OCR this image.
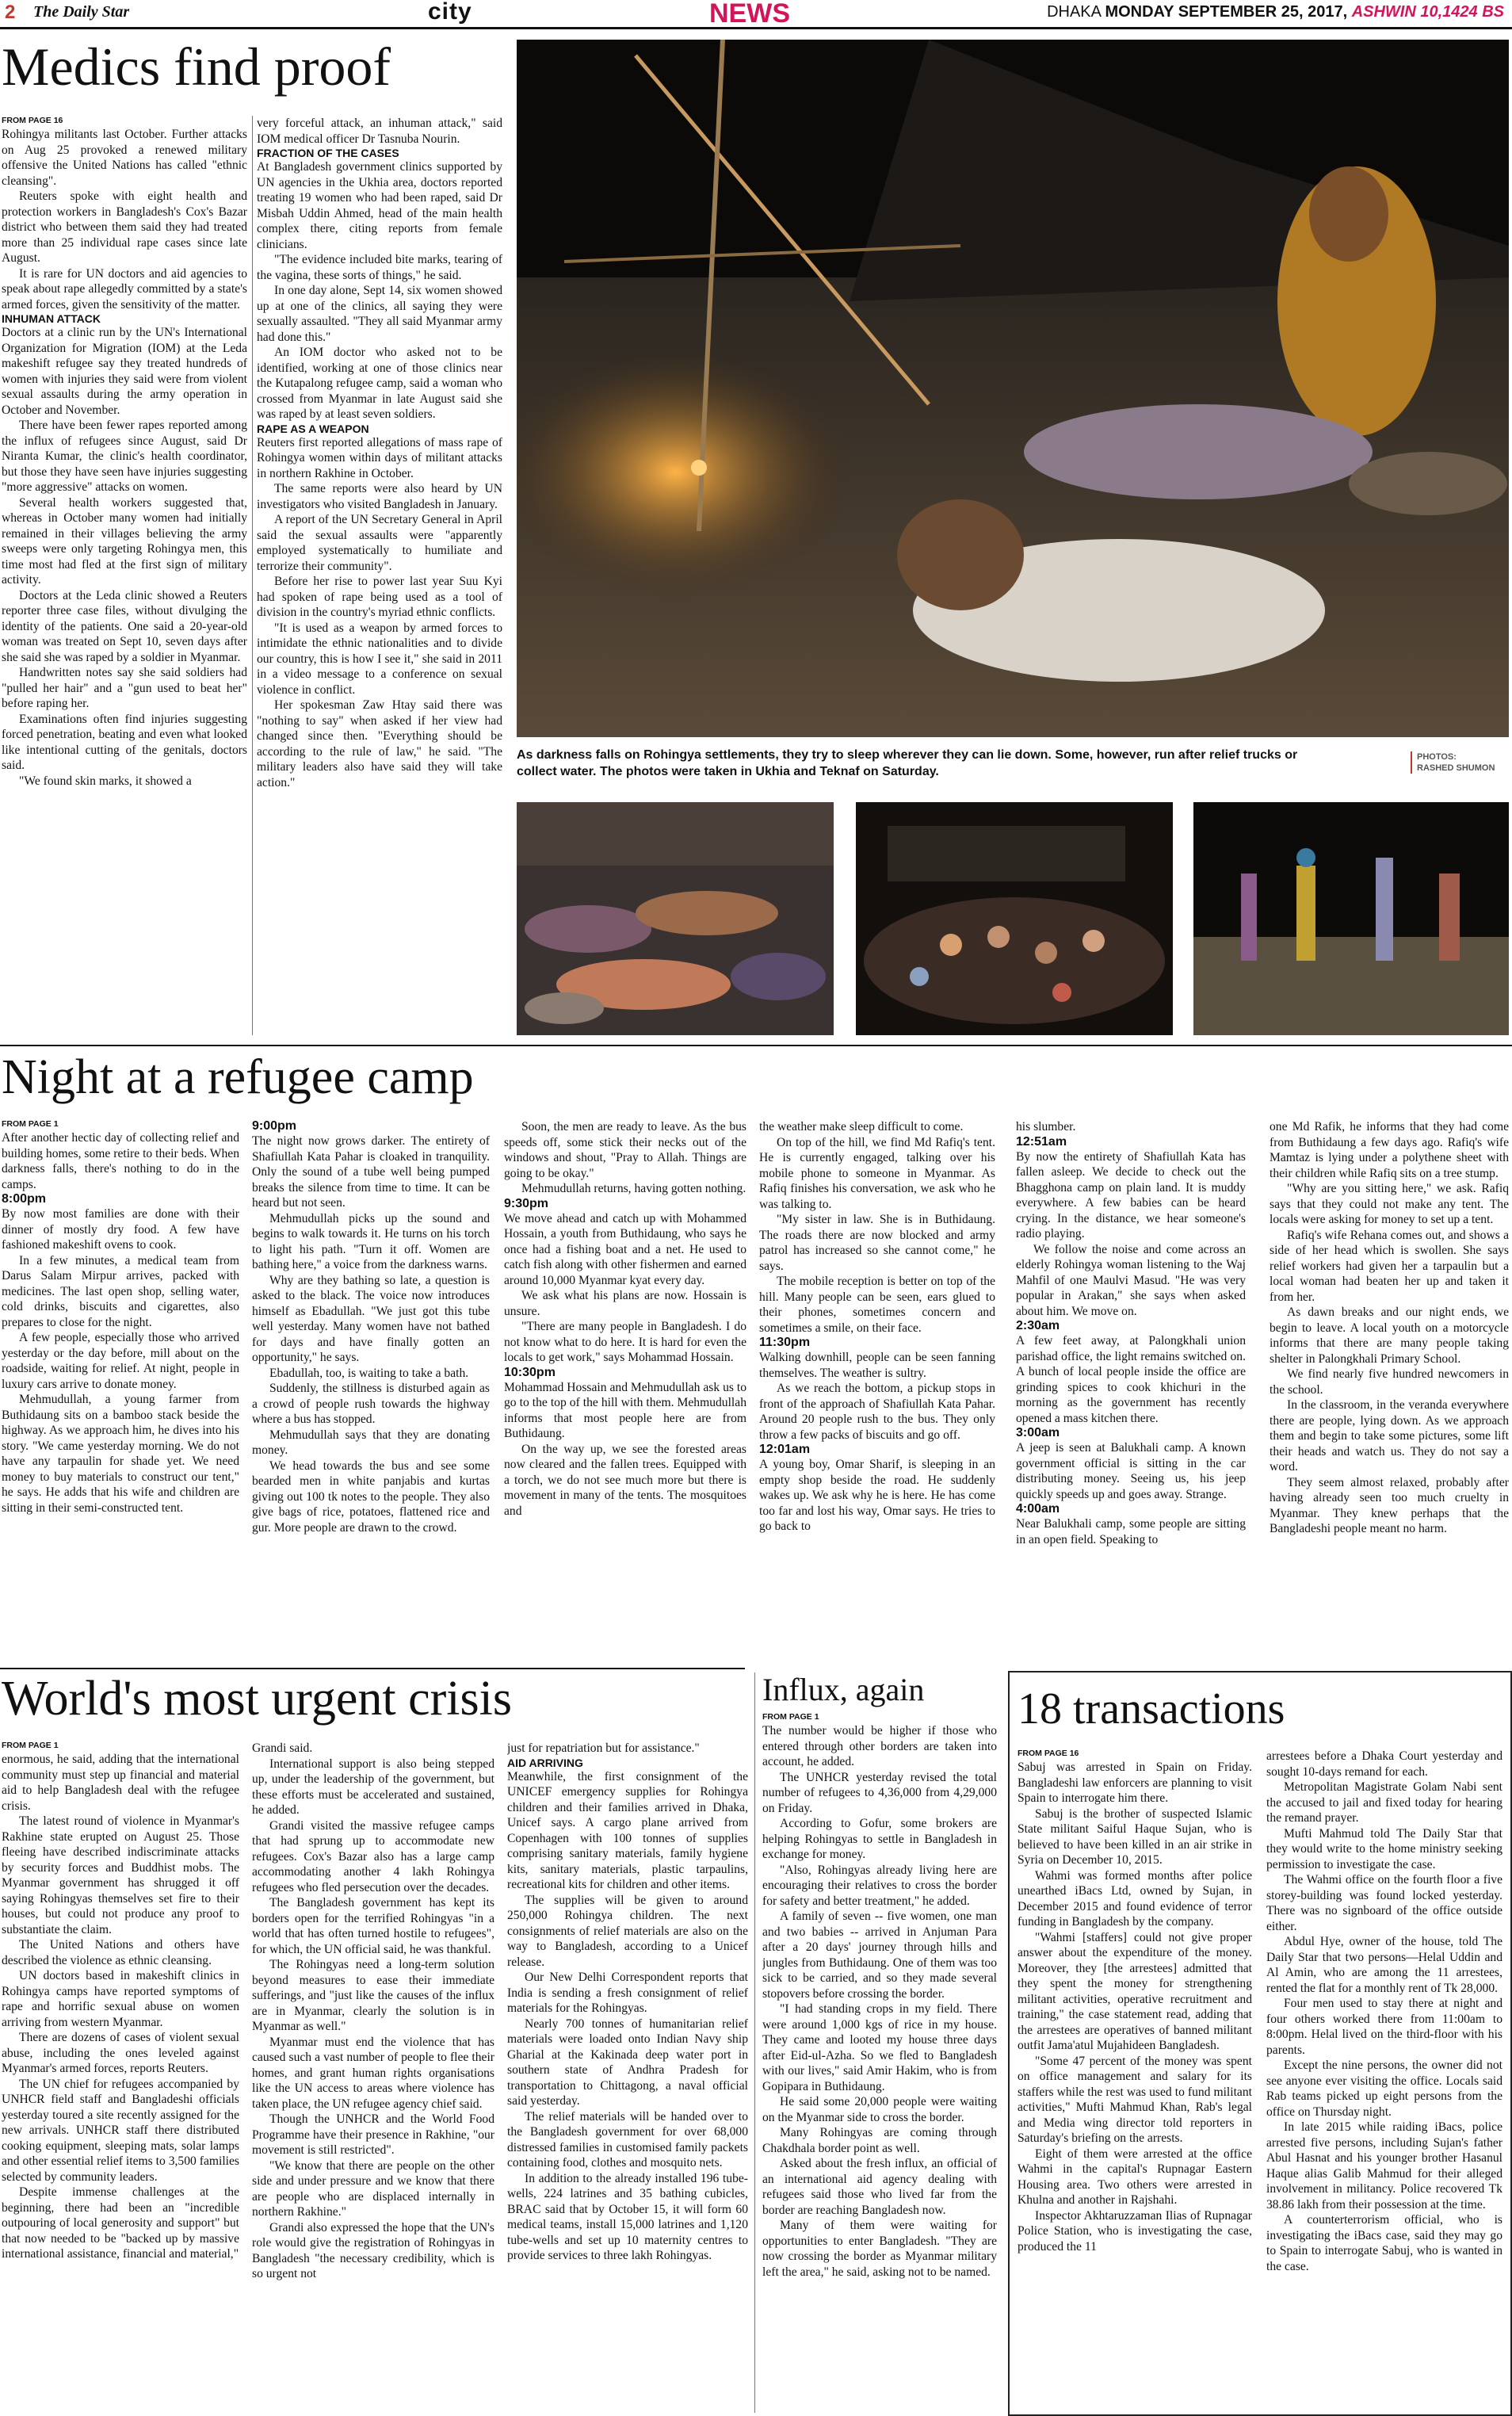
2 The Daily Star	city	NEWS	DHAKA MONDAY SEPTEMBER 25, 2017, ASHWIN 10,1424 BS
Medics find proof

FROM PAGE 16

Rohingya militants last October. Further attacks on Aug 25 provoked a renewed military offensive the United Nations has called "ethnic cleansing".

Reuters spoke with eight health and protection workers in Bangladesh's Cox's Bazar district who between them said they had treated more than 25 individual rape cases since late August.

It is rare for UN doctors and aid agencies to speak about rape allegedly committed by a state's armed forces, given the sensitivity of the matter.

INHUMAN ATTACK

Doctors at a clinic run by the UN's International Organization for Migration (IOM) at the Leda makeshift refugee say they treated hundreds of women with injuries they said were from violent sexual assaults during the army operation in October and November.

There have been fewer rapes reported among the influx of refugees since August, said Dr Niranta Kumar, the clinic's health coordinator, but those they have seen have injuries suggesting "more aggressive" attacks on women.

Several health workers suggested that, whereas in October many women had initially remained in their villages believing the army sweeps were only targeting Rohingya men, this time most had fled at the first sign of military activity.

Doctors at the Leda clinic showed a Reuters reporter three case files, without divulging the identity of the patients. One said a 20-year-old woman was treated on Sept 10, seven days after she said she was raped by a soldier in Myanmar.

Handwritten notes say she said soldiers had "pulled her hair" and a "gun used to beat her" before raping her.

Examinations often find injuries suggesting forced penetration, beating and even what looked like intentional cutting of the genitals, doctors said.

"We found skin marks, it showed a

very forceful attack, an inhuman attack," said IOM medical officer Dr Tasnuba Nourin.

FRACTION OF THE CASES

At Bangladesh government clinics supported by UN agencies in the Ukhia area, doctors reported treating 19 women who had been raped, said Dr Misbah Uddin Ahmed, head of the main health complex there, citing reports from female clinicians.

"The evidence included bite marks, tearing of the vagina, these sorts of things," he said.

In one day alone, Sept 14, six women showed up at one of the clinics, all saying they were sexually assaulted. "They all said Myanmar army had done this."

An IOM doctor who asked not to be identified, working at one of those clinics near the Kutapalong refugee camp, said a woman who crossed from Myanmar in late August said she was raped by at least seven soldiers.

RAPE AS A WEAPON

Reuters first reported allegations of mass rape of Rohingya women within days of militant attacks in northern Rakhine in October.

The same reports were also heard by UN investigators who visited Bangladesh in January.

A report of the UN Secretary General in April said the sexual assaults were "apparently employed systematically to humiliate and terrorize their community".

Before her rise to power last year Suu Kyi had spoken of rape being used as a tool of division in the country's myriad ethnic conflicts.

"It is used as a weapon by armed forces to intimidate the ethnic nationalities and to divide our country, this is how I see it," she said in 2011 in a video message to a conference on sexual violence in conflict.

Her spokesman Zaw Htay said there was "nothing to say" when asked if her view had changed since then. "Everything should be according to the rule of law," he said. "The military leaders also have said they will take action."

As darkness falls on Rohingya settlements, they try to sleep wherever they can lie down. Some, however, run after relief trucks or collect water. The photos were taken in Ukhia and Teknaf on Saturday.
PHOTOS:
RASHED SHUMON
Night at a refugee camp

FROM PAGE 1

After another hectic day of collecting relief and building homes, some retire to their beds. When darkness falls, there's nothing to do in the camps.

8:00pm

By now most families are done with their dinner of mostly dry food. A few have fashioned makeshift ovens to cook.

In a few minutes, a medical team from Darus Salam Mirpur arrives, packed with medicines. The last open shop, selling water, cold drinks, biscuits and cigarettes, also prepares to close for the night.

A few people, especially those who arrived yesterday or the day before, mill about on the roadside, waiting for relief. At night, people in luxury cars arrive to donate money.

Mehmudullah, a young farmer from Buthidaung sits on a bamboo stack beside the highway. As we approach him, he dives into his story. "We came yesterday morning. We do not have any tarpaulin for shade yet. We need money to buy materials to construct our tent," he says. He adds that his wife and children are sitting in their semi-constructed tent.

9:00pm

The night now grows darker. The entirety of Shafiullah Kata Pahar is cloaked in tranquility. Only the sound of a tube well being pumped breaks the silence from time to time. It can be heard but not seen.

Mehmudullah picks up the sound and begins to walk towards it. He turns on his torch to light his path. "Turn it off. Women are bathing here," a voice from the darkness warns.

Why are they bathing so late, a question is asked to the black. The voice now introduces himself as Ebadullah. "We just got this tube well yesterday. Many women have not bathed for days and have finally gotten an opportunity," he says.

Ebadullah, too, is waiting to take a bath.

Suddenly, the stillness is disturbed again as a crowd of people rush towards the highway where a bus has stopped.

Mehmudullah says that they are donating money.

We head towards the bus and see some bearded men in white panjabis and kurtas giving out 100 tk notes to the people. They also give bags of rice, potatoes, flattened rice and gur. More people are drawn to the crowd.

Soon, the men are ready to leave. As the bus speeds off, some stick their necks out of the windows and shout, "Pray to Allah. Things are going to be okay."

Mehmudullah returns, having gotten nothing.

9:30pm

We move ahead and catch up with Mohammed Hossain, a youth from Buthidaung, who says he once had a fishing boat and a net. He used to catch fish along with other fishermen and earned around 10,000 Myanmar kyat every day.

We ask what his plans are now. Hossain is unsure.

"There are many people in Bangladesh. I do not know what to do here. It is hard for even the locals to get work," says Mohammad Hossain.

10:30pm

Mohammad Hossain and Mehmudullah ask us to go to the top of the hill with them. Mehmudullah informs that most people here are from Buthidaung.

On the way up, we see the forested areas now cleared and the fallen trees. Equipped with a torch, we do not see much more but there is movement in many of the tents. The mosquitoes and

the weather make sleep difficult to come.

On top of the hill, we find Md Rafiq's tent. He is currently engaged, talking over his mobile phone to someone in Myanmar. As Rafiq finishes his conversation, we ask who he was talking to.

"My sister in law. She is in Buthidaung. The roads there are now blocked and army patrol has increased so she cannot come," he says.

The mobile reception is better on top of the hill. Many people can be seen, ears glued to their phones, sometimes concern and sometimes a smile, on their face.

11:30pm

Walking downhill, people can be seen fanning themselves. The weather is sultry.

As we reach the bottom, a pickup stops in front of the approach of Shafiullah Kata Pahar. Around 20 people rush to the bus. They only throw a few packs of biscuits and go off.

12:01am

A young boy, Omar Sharif, is sleeping in an empty shop beside the road. He suddenly wakes up. We ask why he is here. He has come too far and lost his way, Omar says. He tries to go back to

his slumber.

12:51am

By now the entirety of Shafiullah Kata has fallen asleep. We decide to check out the Bhagghona camp on plain land. It is muddy everywhere. A few babies can be heard crying. In the distance, we hear someone's radio playing.

We follow the noise and come across an elderly Rohingya woman listening to the Waj Mahfil of one Maulvi Masud. "He was very popular in Arakan," she says when asked about him. We move on.

2:30am

A few feet away, at Palongkhali union parishad office, the light remains switched on. A bunch of local people inside the office are grinding spices to cook khichuri in the morning as the government has recently opened a mass kitchen there.

3:00am

A jeep is seen at Balukhali camp. A known government official is sitting in the car distributing money. Seeing us, his jeep quickly speeds up and goes away. Strange.

4:00am

Near Balukhali camp, some people are sitting in an open field. Speaking to

one Md Rafik, he informs that they had come from Buthidaung a few days ago. Rafiq's wife Mamtaz is lying under a polythene sheet with their children while Rafiq sits on a tree stump.

"Why are you sitting here," we ask. Rafiq says that they could not make any tent. The locals were asking for money to set up a tent.

Rafiq's wife Rehana comes out, and shows a side of her head which is swollen. She says relief workers had given her a tarpaulin but a local woman had beaten her up and taken it from her.

As dawn breaks and our night ends, we begin to leave. A local youth on a motorcycle informs that there are many people taking shelter in Palongkhali Primary School.

We find nearly five hundred newcomers in the school.

In the classroom, in the veranda everywhere there are people, lying down. As we approach them and begin to take some pictures, some lift their heads and watch us. They do not say a word.

They seem almost relaxed, probably after having already seen too much cruelty in Myanmar. They knew perhaps that the Bangladeshi people meant no harm.

World's most urgent crisis

FROM PAGE 1

enormous, he said, adding that the international community must step up financial and material aid to help Bangladesh deal with the refugee crisis.

The latest round of violence in Myanmar's Rakhine state erupted on August 25. Those fleeing have described indiscriminate attacks by security forces and Buddhist mobs. The Myanmar government has shrugged it off saying Rohingyas themselves set fire to their houses, but could not produce any proof to substantiate the claim.

The United Nations and others have described the violence as ethnic cleansing.

UN doctors based in makeshift clinics in Rohingya camps have reported symptoms of rape and horrific sexual abuse on women arriving from western Myanmar.

There are dozens of cases of violent sexual abuse, including the ones leveled against Myanmar's armed forces, reports Reuters.

The UN chief for refugees accompanied by UNHCR field staff and Bangladeshi officials yesterday toured a site recently assigned for the new arrivals. UNHCR staff there distributed cooking equipment, sleeping mats, solar lamps and other essential relief items to 3,500 families selected by community leaders.

Despite immense challenges at the beginning, there had been an "incredible outpouring of local generosity and support" but that now needed to be "backed up by massive international assistance, financial and material,"

Grandi said.

International support is also being stepped up, under the leadership of the government, but these efforts must be accelerated and sustained, he added.

Grandi visited the massive refugee camps that had sprung up to accommodate new refugees. Cox's Bazar also has a large camp accommodating another 4 lakh Rohingya refugees who fled persecution over the decades.

The Bangladesh government has kept its borders open for the terrified Rohingyas "in a world that has often turned hostile to refugees", for which, the UN official said, he was thankful.

The Rohingyas need a long-term solution beyond measures to ease their immediate sufferings, and "just like the causes of the influx are in Myanmar, clearly the solution is in Myanmar as well."

Myanmar must end the violence that has caused such a vast number of people to flee their homes, and grant human rights organisations like the UN access to areas where violence has taken place, the UN refugee agency chief said.

Though the UNHCR and the World Food Programme have their presence in Rakhine, "our movement is still restricted".

"We know that there are people on the other side and under pressure and we know that there are people who are displaced internally in northern Rakhine."

Grandi also expressed the hope that the UN's role would give the registration of Rohingyas in Bangladesh "the necessary credibility, which is so urgent not

just for repatriation but for assistance."

AID ARRIVING

Meanwhile, the first consignment of the UNICEF emergency supplies for Rohingya children and their families arrived in Dhaka, Unicef says. A cargo plane arrived from Copenhagen with 100 tonnes of supplies comprising sanitary materials, family hygiene kits, sanitary materials, plastic tarpaulins, recreational kits for children and other items.

The supplies will be given to around 250,000 Rohingya children. The next consignments of relief materials are also on the way to Bangladesh, according to a Unicef release.

Our New Delhi Correspondent reports that India is sending a fresh consignment of relief materials for the Rohingyas.

Nearly 700 tonnes of humanitarian relief materials were loaded onto Indian Navy ship Gharial at the Kakinada deep water port in southern state of Andhra Pradesh for transportation to Chittagong, a naval official said yesterday.

The relief materials will be handed over to the Bangladesh government for over 68,000 distressed families in customised family packets containing food, clothes and mosquito nets.

In addition to the already installed 196 tube-wells, 224 latrines and 35 bathing cubicles, BRAC said that by October 15, it will form 60 medical teams, install 15,000 latrines and 1,120 tube-wells and set up 10 maternity centres to provide services to three lakh Rohingyas.

Influx, again

FROM PAGE 1

The number would be higher if those who entered through other borders are taken into account, he added.

The UNHCR yesterday revised the total number of refugees to 4,36,000 from 4,29,000 on Friday.

According to Gofur, some brokers are helping Rohingyas to settle in Bangladesh in exchange for money.

"Also, Rohingyas already living here are encouraging their relatives to cross the border for safety and better treatment," he added.

A family of seven -- five women, one man and two babies -- arrived in Anjuman Para after a 20 days' journey through hills and jungles from Buthidaung. One of them was too sick to be carried, and so they made several stopovers before crossing the border.

"I had standing crops in my field. There were around 1,000 kgs of rice in my house. They came and looted my house three days after Eid-ul-Azha. So we fled to Bangladesh with our lives," said Amir Hakim, who is from Gopipara in Buthidaung.

He said some 20,000 people were waiting on the Myanmar side to cross the border.

Many Rohingyas are coming through Chakdhala border point as well.

Asked about the fresh influx, an official of an international aid agency dealing with refugees said those who lived far from the border are reaching Bangladesh now.

Many of them were waiting for opportunities to enter Bangladesh. "They are now crossing the border as Myanmar military left the area," he said, asking not to be named.

18 transactions

FROM PAGE 16

Sabuj was arrested in Spain on Friday. Bangladeshi law enforcers are planning to visit Spain to interrogate him there.

Sabuj is the brother of suspected Islamic State militant Saiful Haque Sujan, who is believed to have been killed in an air strike in Syria on December 10, 2015.

Wahmi was formed months after police unearthed iBacs Ltd, owned by Sujan, in December 2015 and found evidence of terror funding in Bangladesh by the company.

"Wahmi [staffers] could not give proper answer about the expenditure of the money. Moreover, they [the arrestees] admitted that they spent the money for strengthening militant activities, operative recruitment and training," the case statement read, adding that the arrestees are operatives of banned militant outfit Jama'atul Mujahideen Bangladesh.

"Some 47 percent of the money was spent on office management and salary for its staffers while the rest was used to fund militant activities," Mufti Mahmud Khan, Rab's legal and Media wing director told reporters in Saturday's briefing on the arrests.

Eight of them were arrested at the office Wahmi in the capital's Rupnagar Eastern Housing area. Two others were arrested in Khulna and another in Rajshahi.

Inspector Akhtaruzzaman Ilias of Rupnagar Police Station, who is investigating the case, produced the 11

arrestees before a Dhaka Court yesterday and sought 10-days remand for each.

Metropolitan Magistrate Golam Nabi sent the accused to jail and fixed today for hearing the remand prayer.

Mufti Mahmud told The Daily Star that they would write to the home ministry seeking permission to investigate the case.

The Wahmi office on the fourth floor a five storey-building was found locked yesterday. There was no signboard of the office outside either.

Abdul Hye, owner of the house, told The Daily Star that two persons—Helal Uddin and Al Amin, who are among the 11 arrestees, rented the flat for a monthly rent of Tk 28,000.

Four men used to stay there at night and four others worked there from 11:00am to 8:00pm. Helal lived on the third-floor with his parents.

Except the nine persons, the owner did not see anyone ever visiting the office. Locals said Rab teams picked up eight persons from the office on Thursday night.

In late 2015 while raiding iBacs, police arrested five persons, including Sujan's father Abul Hasnat and his younger brother Hasanul Haque alias Galib Mahmud for their alleged involvement in militancy. Police recovered Tk 38.86 lakh from their possession at the time.

A counterterrorism official, who is investigating the iBacs case, said they may go to Spain to interrogate Sabuj, who is wanted in the case.
